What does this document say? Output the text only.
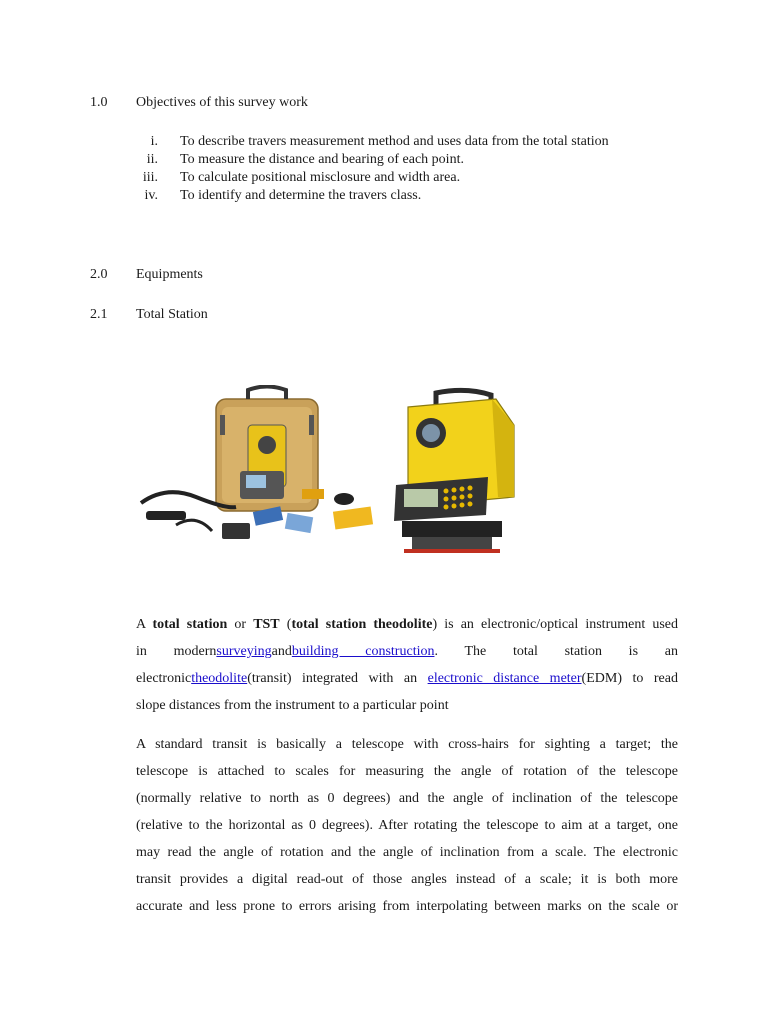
1.0 Objectives of this survey work
i. To describe travers measurement method and uses data from the total station
ii. To measure the distance and bearing of each point.
iii. To calculate positional misclosure and width area.
iv. To identify and determine the travers class.
2.0 Equipments
2.1 Total Station
A total station or TST (total station theodolite) is an electronic/optical instrument used
in modernsurveyingandbuilding construction. The total station is an
electronictheodolite(transit) integrated with an electronic distance meter(EDM) to read
slope distances from the instrument to a particular point
A standard transit is basically a telescope with cross-hairs for sighting a target; the
telescope is attached to scales for measuring the angle of rotation of the telescope
(normally relative to north as 0 degrees) and the angle of inclination of the telescope
(relative to the horizontal as 0 degrees). After rotating the telescope to aim at a target, one
may read the angle of rotation and the angle of inclination from a scale. The electronic
transit provides a digital read-out of those angles instead of a scale; it is both more
accurate and less prone to errors arising from interpolating between marks on the scale or
